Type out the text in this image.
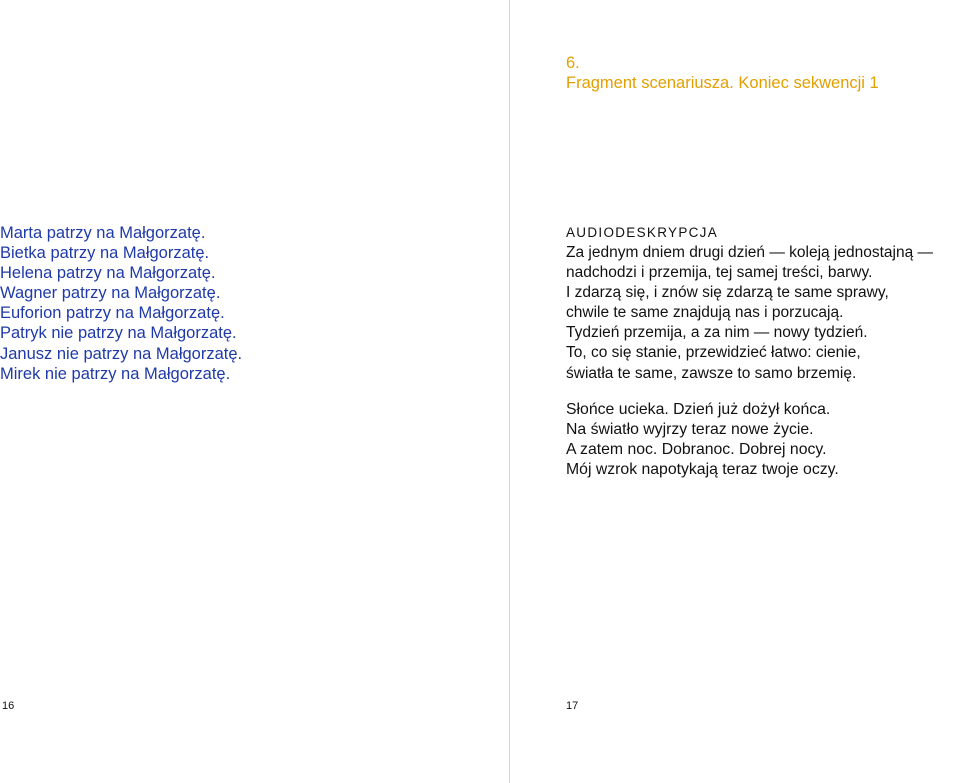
Marta patrzy na Małgorzatę.
Bietka patrzy na Małgorzatę.
Helena patrzy na Małgorzatę.
Wagner patrzy na Małgorzatę.
Euforion patrzy na Małgorzatę.
Patryk nie patrzy na Małgorzatę.
Janusz nie patrzy na Małgorzatę.
Mirek nie patrzy na Małgorzatę.
16
6.
Fragment scenariusza. Koniec sekwencji 1
AUDIODESKRYPCJA
Za jednym dniem drugi dzień — koleją jednostajną —
nadchodzi i przemija, tej samej treści, barwy.
I zdarzą się, i znów się zdarzą te same sprawy,
chwile te same znajdują nas i porzucają.
Tydzień przemija, a za nim — nowy tydzień.
To, co się stanie, przewidzieć łatwo: cienie,
światła te same, zawsze to samo brzemię.
Słońce ucieka. Dzień już dożył końca.
Na światło wyjrzy teraz nowe życie.
A zatem noc. Dobranoc. Dobrej nocy.
Mój wzrok napotykają teraz twoje oczy.
17
